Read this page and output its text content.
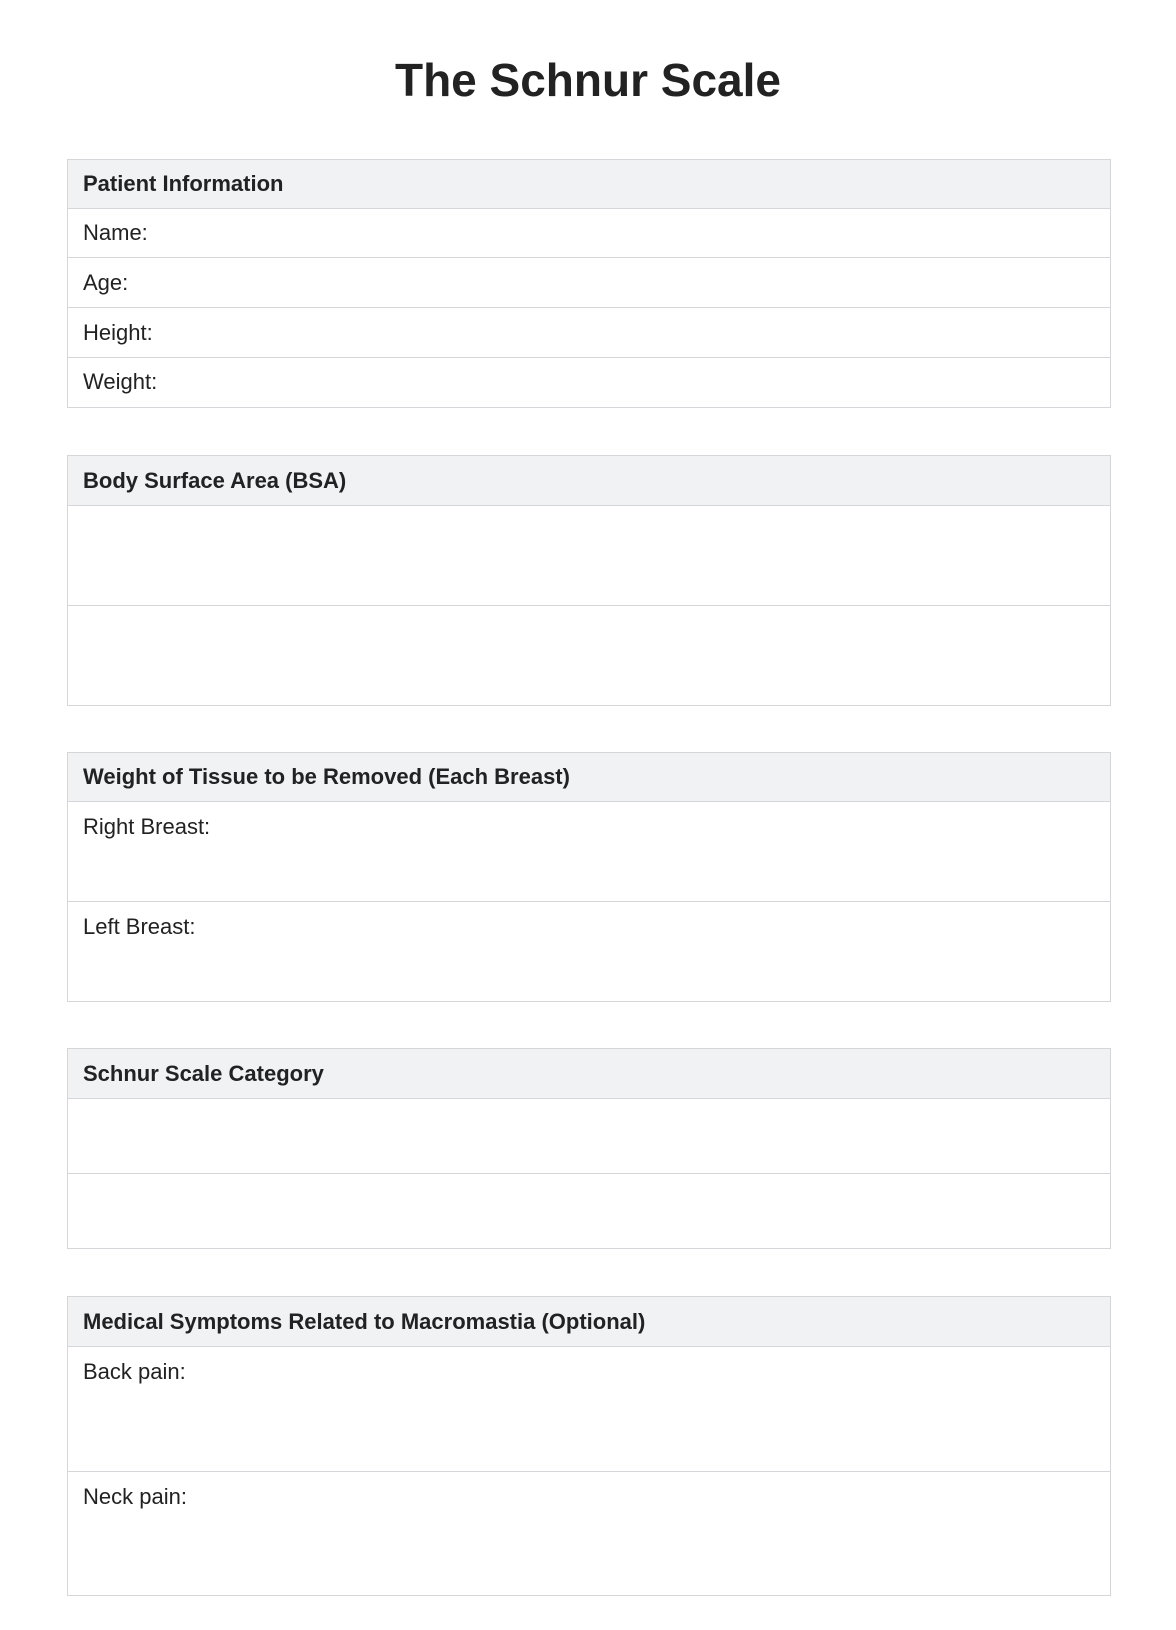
The Schnur Scale
Patient Information
Name:
Age:
Height:
Weight:
Body Surface Area (BSA)
Weight of Tissue to be Removed (Each Breast)
Right Breast:
Left Breast:
Schnur Scale Category
Medical Symptoms Related to Macromastia (Optional)
Back pain:
Neck pain:
